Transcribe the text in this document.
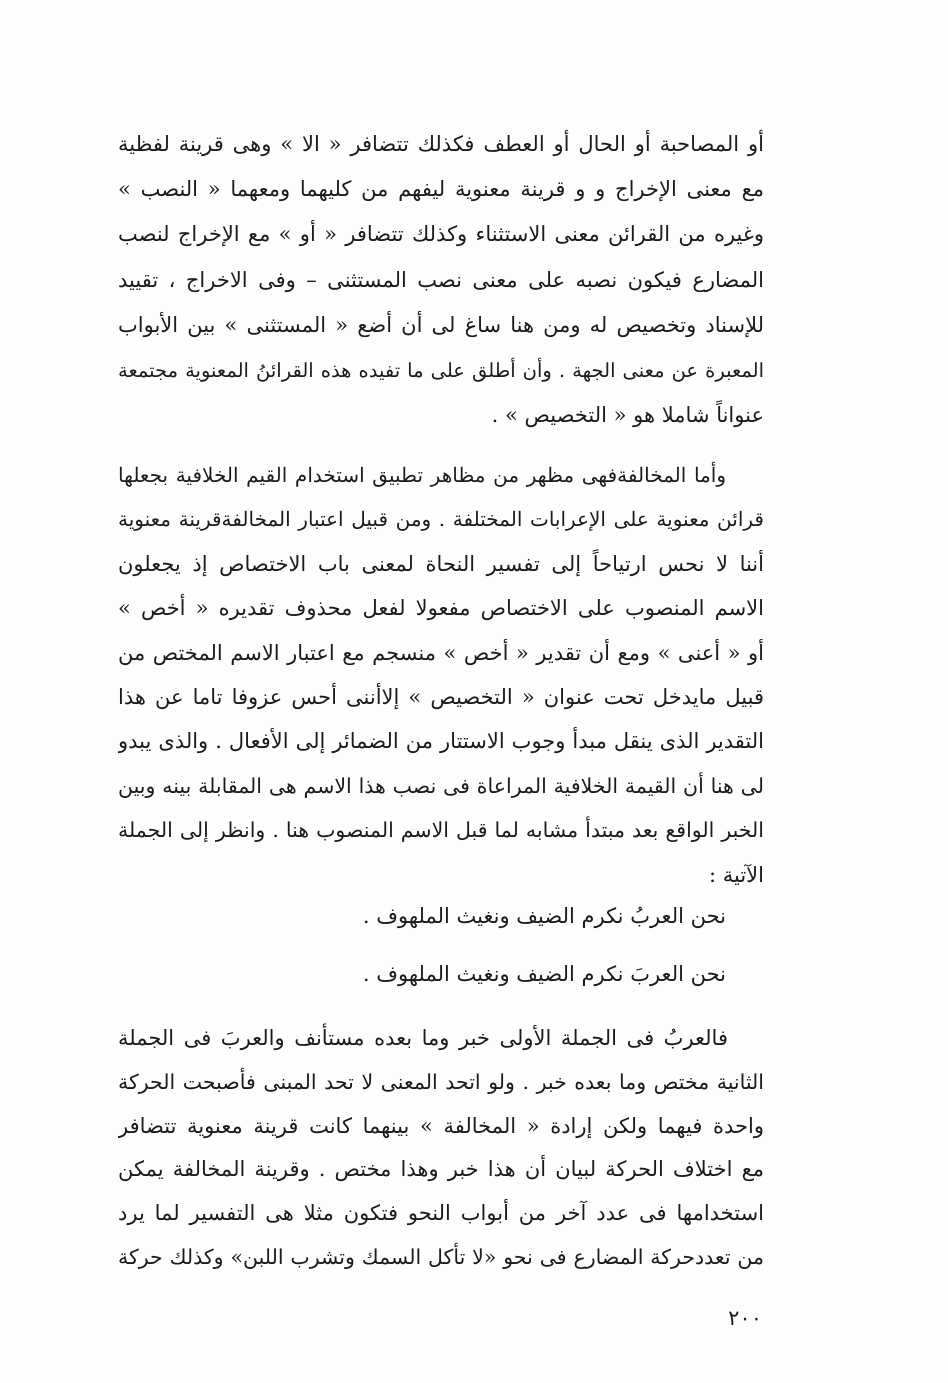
أو المصاحبة أو الحال أو العطف فكذلك تتضافر « الا » وهى قرينة لفظية
مع معنى الإخراج و و قرينة معنوية ليفهم من كليهما ومعهما « النصب »
وغيره من القرائن معنى الاستثناء وكذلك تتضافر « أو » مع الإخراج لنصب
المضارع فيكون نصبه على معنى نصب المستثنى – وفى الاخراج ، تقييد
للإسناد وتخصيص له ومن هنا ساغ لى أن أضع « المستثنى » بين الأبواب
المعبرة عن معنى الجهة . وأن أطلق على ما تفيده هذه القرائنُ المعنوية مجتمعة
عنواناً شاملا هو « التخصيص » .
وأما المخالفةفهى مظهر من مظاهر تطبيق استخدام القيم الخلافية بجعلها
قرائن معنوية على الإعرابات المختلفة . ومن قبيل اعتبار المخالفةقرينة معنوية
أننا لا نحس ارتياحاً إلى تفسير النحاة لمعنى باب الاختصاص إذ يجعلون
الاسم المنصوب على الاختصاص مفعولا لفعل محذوف تقديره « أخص »
أو « أعنى » ومع أن تقدير « أخص » منسجم مع اعتبار الاسم المختص من
قبيل مايدخل تحت عنوان « التخصيص » إلاأننى أحس عزوفا تاما عن هذا
التقدير الذى ينقل مبدأ وجوب الاستتار من الضمائر إلى الأفعال . والذى يبدو
لى هنا أن القيمة الخلافية المراعاة فى نصب هذا الاسم هى المقابلة بينه وبين
الخبر الواقع بعد مبتدأ مشابه لما قبل الاسم المنصوب هنا . وانظر إلى الجملة
الآتية :
نحن العربُ نكرم الضيف ونغيث الملهوف .
نحن العربَ نكرم الضيف ونغيث الملهوف .
فالعربُ فى الجملة الأولى خبر وما بعده مستأنف والعربَ فى الجملة
الثانية مختص وما بعده خبر . ولو اتحد المعنى لا تحد المبنى فأصبحت الحركة
واحدة فيهما ولكن إرادة « المخالفة » بينهما كانت قرينة معنوية تتضافر
مع اختلاف الحركة لبيان أن هذا خبر وهذا مختص . وقرينة المخالفة يمكن
استخدامها فى عدد آخر من أبواب النحو فتكون مثلا هى التفسير لما يرد
من تعددحركة المضارع فى نحو «لا تأكل السمك وتشرب اللبن» وكذلك حركة
٢٠٠
